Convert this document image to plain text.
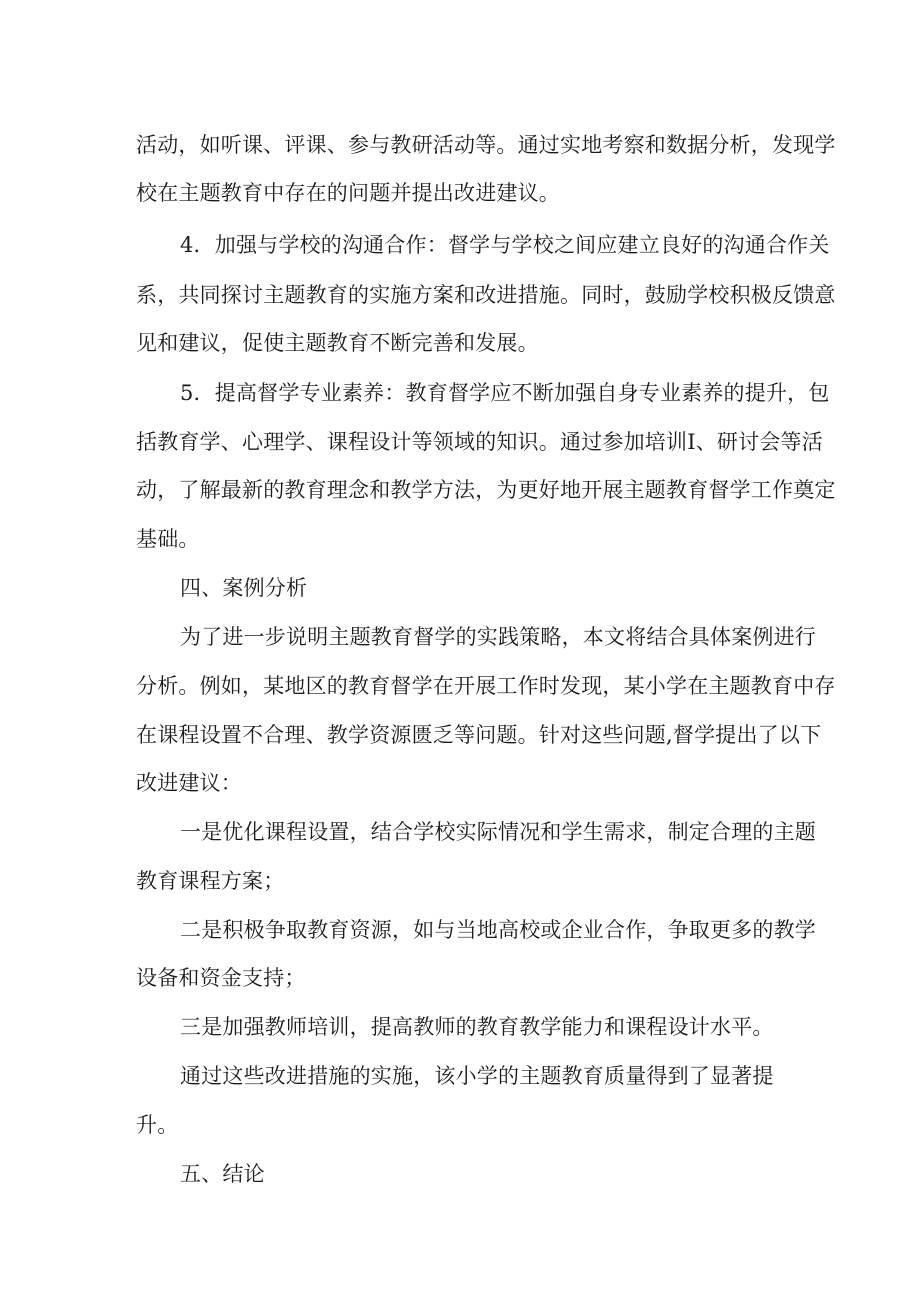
活动，如听课、评课、参与教研活动等。通过实地考察和数据分析，发现学
校在主题教育中存在的问题并提出改进建议。
4．加强与学校的沟通合作：督学与学校之间应建立良好的沟通合作关
系，共同探讨主题教育的实施方案和改进措施。同时，鼓励学校积极反馈意
见和建议，促使主题教育不断完善和发展。
5．提高督学专业素养：教育督学应不断加强自身专业素养的提升，包
括教育学、心理学、课程设计等领域的知识。通过参加培训I、研讨会等活
动，了解最新的教育理念和教学方法，为更好地开展主题教育督学工作奠定
基础。
四、案例分析
为了进一步说明主题教育督学的实践策略，本文将结合具体案例进行
分析。例如，某地区的教育督学在开展工作时发现，某小学在主题教育中存
在课程设置不合理、教学资源匮乏等问题。针对这些问题,督学提出了以下
改进建议：
一是优化课程设置，结合学校实际情况和学生需求，制定合理的主题
教育课程方案；
二是积极争取教育资源，如与当地高校或企业合作，争取更多的教学
设备和资金支持；
三是加强教师培训，提高教师的教育教学能力和课程设计水平。
通过这些改进措施的实施，该小学的主题教育质量得到了显著提
升。
五、结论
